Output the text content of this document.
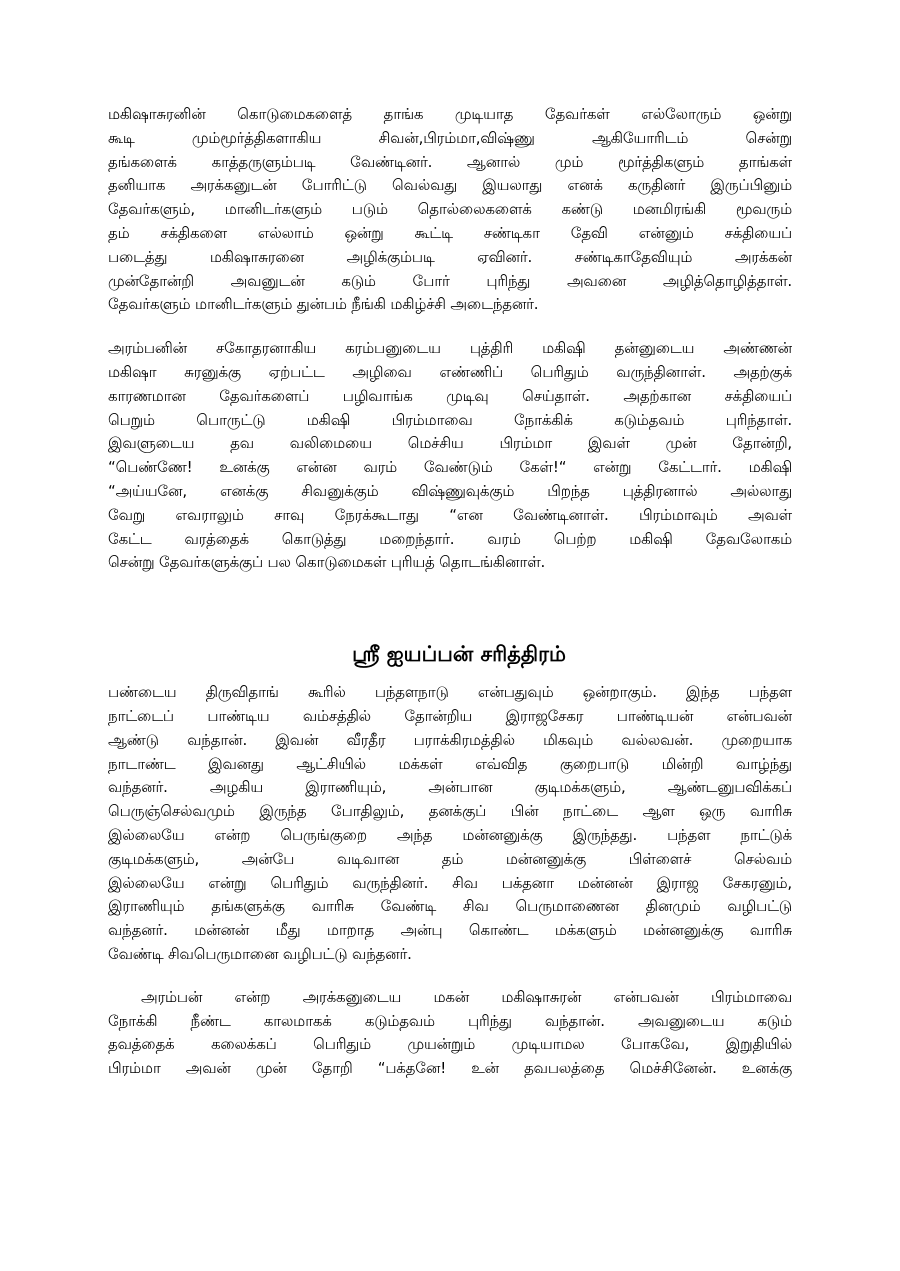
மகிஷாசுரனின் கொடுமைகளைத் தாங்க முடியாத தேவர்கள் எல்லோரும் ஒன்று
கூடி மும்மூர்த்திகளாகிய சிவன்,பிரம்மா,விஷ்ணு ஆகியோரிடம் சென்று
தங்களைக் காத்தருளும்படி வேண்டினர். ஆனால் மும் மூர்த்திகளும் தாங்கள்
தனியாக அரக்கனுடன் போரிட்டு வெல்வது இயலாது எனக் கருதினர் இருப்பினும்
தேவர்களும், மானிடர்களும் படும் தொல்லைகளைக் கண்டு மனமிரங்கி மூவரும்
தம் சக்திகளை எல்லாம் ஒன்று கூட்டி சண்டிகா தேவி என்னும் சக்தியைப்
படைத்து மகிஷாசுரனை அழிக்கும்படி ஏவினர். சண்டிகாதேவியும் அரக்கன்
முன்தோன்றி அவனுடன் கடும் போர் புரிந்து அவனை அழித்தொழித்தாள்.
தேவர்களும் மானிடர்களும் துன்பம் நீங்கி மகிழ்ச்சி அடைந்தனர்.
அரம்பனின் சகோதரனாகிய கரம்பனுடைய புத்திரி மகிஷி தன்னுடைய அண்ணன்
மகிஷா சுரனுக்கு ஏற்பட்ட அழிவை எண்ணிப் பெரிதும் வருந்தினாள். அதற்குக்
காரணமான தேவர்களைப் பழிவாங்க முடிவு செய்தாள். அதற்கான சக்தியைப்
பெறும் பொருட்டு மகிஷி பிரம்மாவை நோக்கிக் கடும்தவம் புரிந்தாள்.
இவளுடைய தவ வலிமையை மெச்சிய பிரம்மா இவள் முன் தோன்றி,
“பெண்ணே! உனக்கு என்ன வரம் வேண்டும் கேள்!“ என்று கேட்டார். மகிஷி
“அய்யனே, எனக்கு சிவனுக்கும் விஷ்ணுவுக்கும் பிறந்த புத்திரனால் அல்லாது
வேறு எவராலும் சாவு நேரக்கூடாது “என வேண்டினாள். பிரம்மாவும் அவள்
கேட்ட வரத்தைக் கொடுத்து மறைந்தார். வரம் பெற்ற மகிஷி தேவலோகம்
சென்று தேவர்களுக்குப் பல கொடுமைகள் புரியத் தொடங்கினாள்.
ஸ்ரீ ஐயப்பன் சரித்திரம்
பண்டைய திருவிதாங் கூரில் பந்தளநாடு என்பதுவும் ஒன்றாகும். இந்த பந்தள
நாட்டைப் பாண்டிய வம்சத்தில் தோன்றிய இராஜசேகர பாண்டியன் என்பவன்
ஆண்டு வந்தான். இவன் வீரதீர பராக்கிரமத்தில் மிகவும் வல்லவன். முறையாக
நாடாண்ட இவனது ஆட்சியில் மக்கள் எவ்வித குறைபாடு மின்றி வாழ்ந்து
வந்தனர். அழகிய இராணியும், அன்பான குடிமக்களும், ஆண்டனுபவிக்கப்
பெருஞ்செல்வமும் இருந்த போதிலும், தனக்குப் பின் நாட்டை ஆள ஒரு வாரிசு
இல்லையே என்ற பெருங்குறை அந்த மன்னனுக்கு இருந்தது. பந்தள நாட்டுக்
குடிமக்களும், அன்பே வடிவான தம் மன்னனுக்கு பிள்ளைச் செல்வம்
இல்லையே என்று பெரிதும் வருந்தினர். சிவ பக்தனா மன்னன் இராஜ சேகரனும்,
இராணியும் தங்களுக்கு வாரிசு வேண்டி சிவ பெருமாணைன தினமும் வழிபட்டு
வந்தனர். மன்னன் மீது மாறாத அன்பு கொண்ட மக்களும் மன்னனுக்கு வாரிசு
வேண்டி சிவபெருமானை வழிபட்டு வந்தனர்.
அரம்பன் என்ற அரக்கனுடைய மகன் மகிஷாசுரன் என்பவன் பிரம்மாவை
நோக்கி நீண்ட காலமாகக் கடும்தவம் புரிந்து வந்தான். அவனுடைய கடும்
தவத்தைக் கலைக்கப் பெரிதும் முயன்றும் முடியாமல போகவே, இறுதியில்
பிரம்மா அவன் முன் தோறி “பக்தனே! உன் தவபலத்தை மெச்சினேன். உனக்கு
